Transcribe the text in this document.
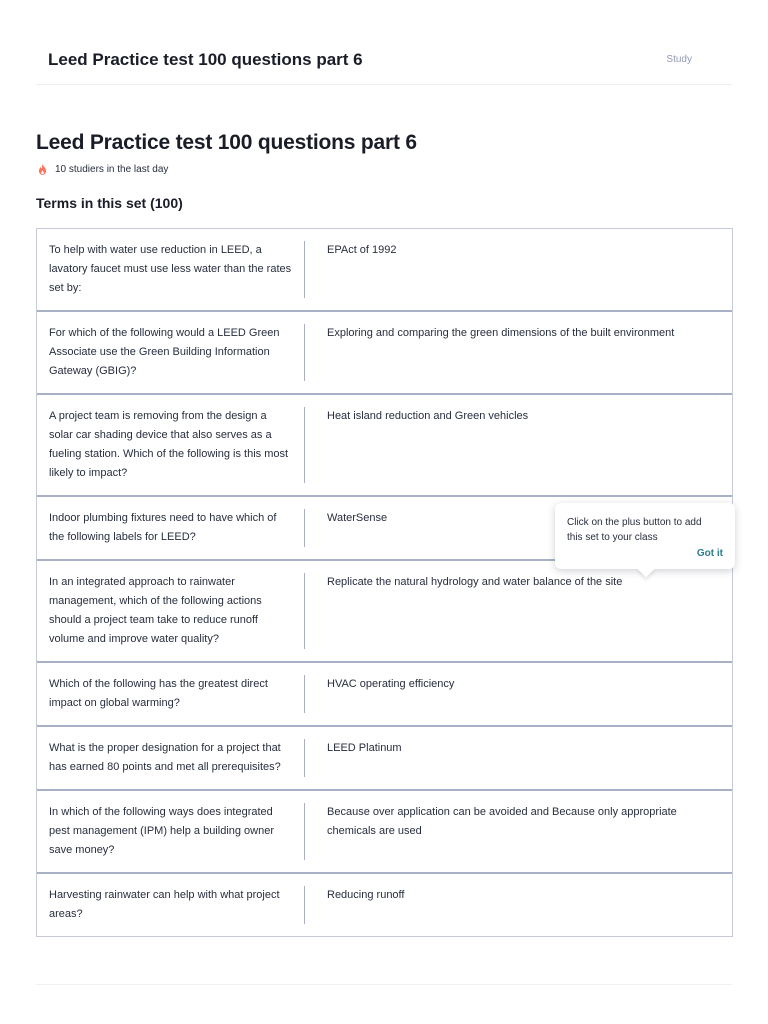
Leed Practice test 100 questions part 6	Study
Leed Practice test 100 questions part 6
10 studiers in the last day
Terms in this set (100)
To help with water use reduction in LEED, a lavatory faucet must use less water than the rates set by:
EPAct of 1992
For which of the following would a LEED Green Associate use the Green Building Information Gateway (GBIG)?
Exploring and comparing the green dimensions of the built environment
A project team is removing from the design a solar car shading device that also serves as a fueling station. Which of the following is this most likely to impact?
Heat island reduction and Green vehicles
Indoor plumbing fixtures need to have which of the following labels for LEED?
WaterSense
In an integrated approach to rainwater management, which of the following actions should a project team take to reduce runoff volume and improve water quality?
Replicate the natural hydrology and water balance of the site
Which of the following has the greatest direct impact on global warming?
HVAC operating efficiency
What is the proper designation for a project that has earned 80 points and met all prerequisites?
LEED Platinum
In which of the following ways does integrated pest management (IPM) help a building owner save money?
Because over application can be avoided and Because only appropriate chemicals are used
Harvesting rainwater can help with what project areas?
Reducing runoff
Click on the plus button to add this set to your class
Got it
